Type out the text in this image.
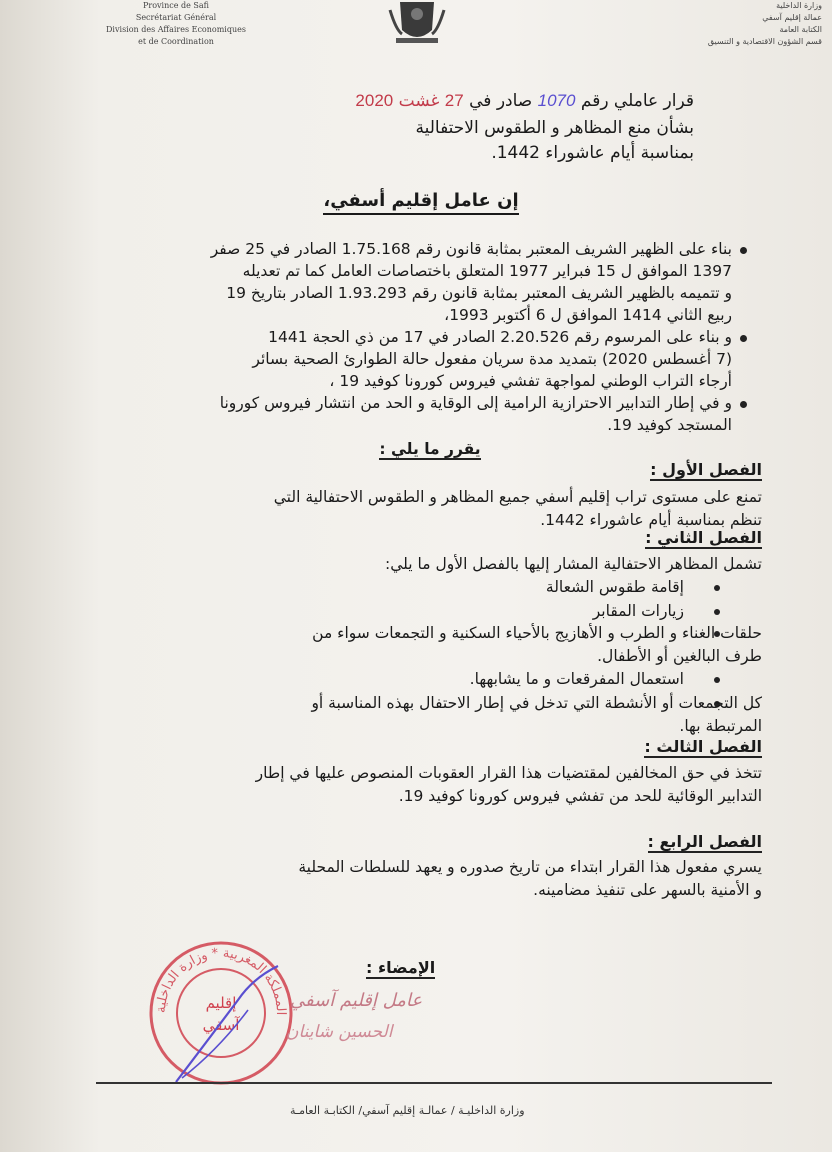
Province de Safi
Secrétariat Général
Division des Affaires Economiques
et de Coordination
وزارة الداخلية
عمالة إقليم آسفي
الكتابة العامة
قسم الشؤون الاقتصادية و التنسيق
قرار عاملي رقم 1070 صادر في 27 غشت 2020
بشأن منع المظاهر و الطقوس الاحتفالية
بمناسبة أيام عاشوراء 1442.
إن عامل إقليم أسفي،
بناء على الظهير الشريف المعتبر بمثابة قانون رقم 1.75.168 الصادر في 25 صفر
1397 الموافق ل 15 فبراير 1977 المتعلق باختصاصات العامل كما تم تعديله
و تتميمه بالظهير الشريف المعتبر بمثابة قانون رقم 1.93.293 الصادر بتاريخ 19
ربيع الثاني 1414 الموافق ل 6 أكتوبر 1993،
و بناء على المرسوم رقم 2.20.526 الصادر في 17 من ذي الحجة 1441
(7 أغسطس 2020) بتمديد مدة سريان مفعول حالة الطوارئ الصحية بسائر
أرجاء التراب الوطني لمواجهة تفشي فيروس كورونا كوفيد 19 ،
و في إطار التدابير الاحترازية الرامية إلى الوقاية و الحد من انتشار فيروس كورونا
المستجد كوفيد 19.
يقرر ما يلي :
الفصل الأول :
تمنع على مستوى تراب إقليم أسفي جميع المظاهر و الطقوس الاحتفالية التي
تنظم بمناسبة أيام عاشوراء 1442.
الفصل الثاني :
تشمل المظاهر الاحتفالية المشار إليها بالفصل الأول ما يلي:
إقامة طقوس الشعالة
زيارات المقابر
حلقات الغناء و الطرب و الأهازيج بالأحياء السكنية و التجمعات سواء من
طرف البالغين أو الأطفال.
استعمال المفرقعات و ما يشابهها.
كل التجمعات أو الأنشطة التي تدخل في إطار الاحتفال بهذه المناسبة أو
المرتبطة بها.
الفصل الثالث :
تتخذ في حق المخالفين لمقتضيات هذا القرار العقوبات المنصوص عليها في إطار
التدابير الوقائية للحد من تفشي فيروس كورونا كوفيد 19.
الفصل الرابع :
يسري مفعول هذا القرار ابتداء من تاريخ صدوره و يعهد للسلطات المحلية
و الأمنية بالسهر على تنفيذ مضامينه.
المملكة المغربية * وزارة الداخلية
إقليم
آسفي
الإمضاء :
عامل إقليم آسفي
الحسين شاينان
وزارة الداخليـة / عمالـة إقليم آسفي/ الكتابـة العامـة
